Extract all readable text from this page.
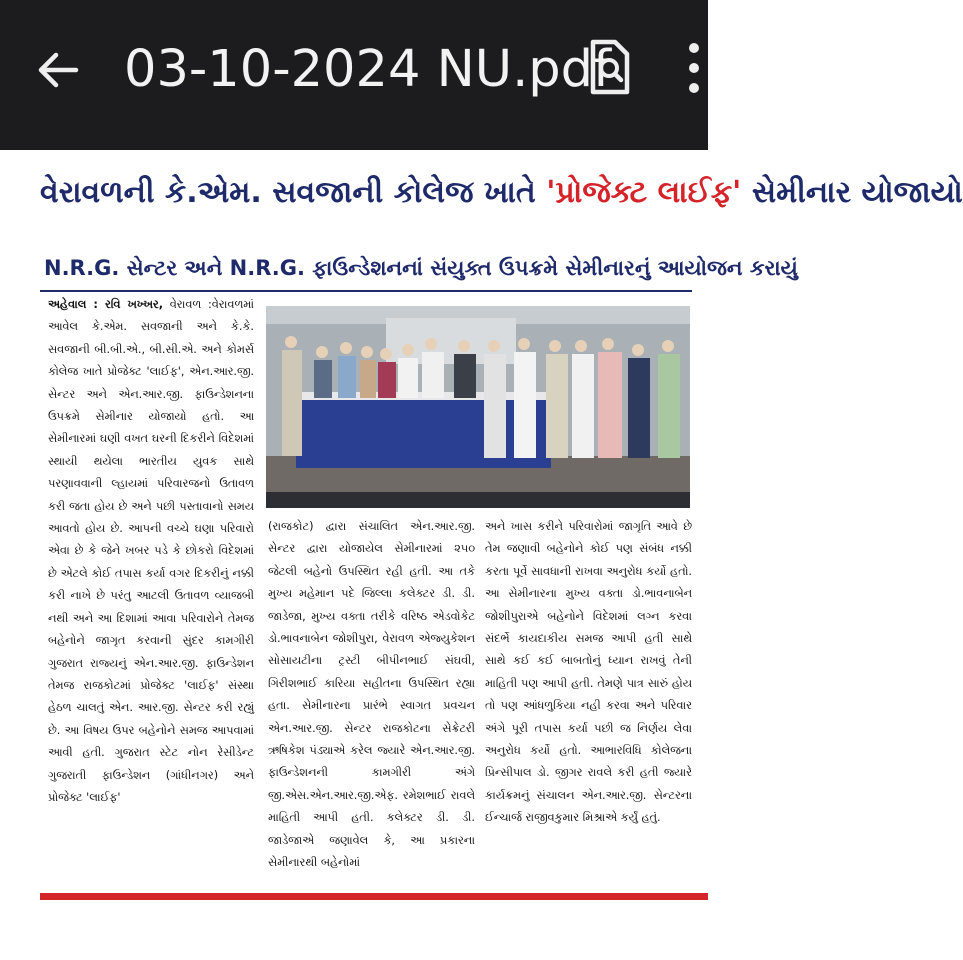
03-10-2024 NU.pdf
વેરાવળની કે.એમ. સવજાની કોલેજ ખાતે 'પ્રોજેક્ટ લાઈફ' સેમીનાર યોજાયો
N.R.G. સેન્ટર અને N.R.G. ફાઉન્ડેશનનાં સંયુક્ત ઉપક્રમે સેમીનારનું આયોજન કરાયું
અહેવાલ : રવિ ખખ્ખર, વેરાવળ :વેરાવળમાં આવેલ કે.એમ. સવજાની અને કે.કે. સવજાની બી.બી.એ., બી.સી.એ. અને કોમર્સ કોલેજ ખાતે પ્રોજેક્ટ 'લાઈફ', એન.આર.જી. સેન્ટર અને એન.આર.જી. ફાઉન્ડેશનના ઉપક્રમે સેમીનાર યોજાયો હતો. આ સેમીનારમાં ઘણી વખત ઘરની દિકરીને વિદેશમાં સ્થાયી થયેલા ભારતીય યુવક સાથે પરણાવવાની લ્હાયમાં પરિવારજનો ઉતાવળ કરી જતા હોય છે અને પછી પસ્તાવાનો સમય આવતો હોય છે. આપની વચ્ચે ઘણા પરિવારો એવા છે કે જેને ખબર પડે કે છોકરો વિદેશમાં છે એટલે કોઈ તપાસ કર્યા વગર દિકરીનું નક્કી કરી નાખે છે પરંતુ આટલી ઉતાવળ વ્યાજબી નથી અને આ દિશામાં આવા પરિવારોને તેમજ બહેનોને જાગૃત કરવાની સુંદર કામગીરી ગુજરાત રાજ્યનું એન.આર.જી. ફાઉન્ડેશન તેમજ રાજકોટમાં પ્રોજેક્ટ 'લાઈફ' સંસ્થા હેઠળ ચાલતું એન. આર.જી. સેન્ટર કરી રહ્યું છે. આ વિષય ઉપર બહેનોને સમજ આપવામાં આવી હતી. ગુજરાત સ્ટેટ નોન રેસીડેન્ટ ગુજરાતી ફાઉન્ડેશન (ગાંધીનગર) અને પ્રોજેક્ટ 'લાઈફ'
(રાજકોટ) દ્વારા સંચાલિત એન.આર.જી. સેન્ટર દ્વારા યોજાયેલ સેમીનારમાં ૨૫૦ જેટલી બહેનો ઉપસ્થિત રહી હતી. આ તકે મુખ્ય મહેમાન પદે જિલ્લા કલેક્ટર ડી. ડી. જાડેજા, મુખ્ય વક્તા તરીકે વરિષ્ઠ એડવોકેટ ડો.ભાવનાબેન જોશીપુરા, વેરાવળ એજ્યુકેશન સોસાયટીના ટ્રસ્ટી બીપીનભાઈ સંઘવી, ગિરીશભાઈ કારિયા સહીતના ઉપસ્થિત રહ્યા હતા. સેમીનારના પ્રારંભે સ્વાગત પ્રવચન એન.આર.જી. સેન્ટર રાજકોટના સેક્રેટરી ઋષિકેશ પંડ્યાએ કરેલ જ્યારે એન.આર.જી. ફાઉન્ડેશનની કામગીરી અંગે જી.એસ.એન.આર.જી.એફ. રમેશભાઈ રાવલે માહિતી આપી હતી. કલેક્ટર ડી. ડી. જાડેજાએ જણાવેલ કે, આ પ્રકારના સેમીનારથી બહેનોમાં
અને ખાસ કરીને પરિવારોમાં જાગૃતિ આવે છે તેમ જણાવી બહેનોને કોઈ પણ સંબંધ નક્કી કરતા પૂર્વે સાવધાની રાખવા અનુરોધ કર્યો હતો. આ સેમીનારના મુખ્ય વક્તા ડો.ભાવનાબેન જોશીપુરાએ બહેનોને વિદેશમાં લગ્ન કરવા સંદર્ભે કાયદાકીય સમજ આપી હતી સાથે સાથે કઈ કઈ બાબતોનું ધ્યાન રાખવું તેની માહિતી પણ આપી હતી. તેમણે પાત્ર સારું હોય તો પણ આંધળુકિયા નહી કરવા અને પરિવાર અંગે પૂરી તપાસ કર્યા પછી જ નિર્ણય લેવા અનુરોધ કર્યો હતો. આભારવિધિ કોલેજના પ્રિન્સીપાલ ડો. જીગર રાવલે કરી હતી જ્યારે કાર્યક્રમનું સંચાલન એન.આર.જી. સેન્ટરના ઈન્ચાર્જ રાજીવકુમાર મિશ્રાએ કર્યું હતું.
